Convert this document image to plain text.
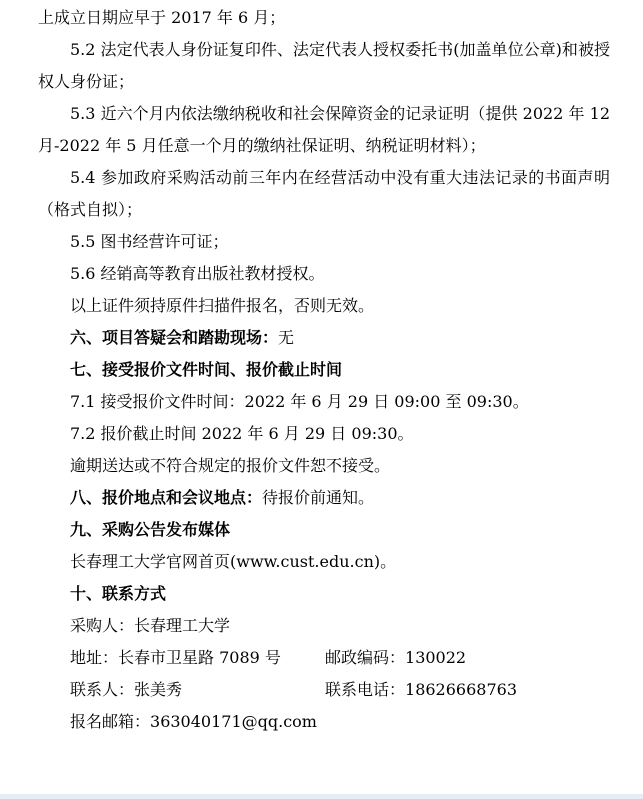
上成立日期应早于 2017 年 6 月；

5.2 法定代表人身份证复印件、法定代表人授权委托书(加盖单位公章)和被授权人身份证；

5.3 近六个月内依法缴纳税收和社会保障资金的记录证明（提供 2022 年 12 月-2022 年 5 月任意一个月的缴纳社保证明、纳税证明材料）；

5.4 参加政府采购活动前三年内在经营活动中没有重大违法记录的书面声明（格式自拟）；

5.5 图书经营许可证；

5.6 经销高等教育出版社教材授权。

以上证件须持原件扫描件报名，否则无效。

六、项目答疑会和踏勘现场：无

七、接受报价文件时间、报价截止时间

7.1 接受报价文件时间：2022 年 6 月 29 日 09:00 至 09:30。

7.2 报价截止时间 2022 年 6 月 29 日 09:30。

逾期送达或不符合规定的报价文件恕不接受。

八、报价地点和会议地点：待报价前通知。

九、采购公告发布媒体

长春理工大学官网首页(www.cust.edu.cn)。

十、联系方式

采购人：长春理工大学

地址：长春市卫星路 7089 号	邮政编码：130022

联系人：张美秀	联系电话：18626668763

报名邮箱：363040171@qq.com
